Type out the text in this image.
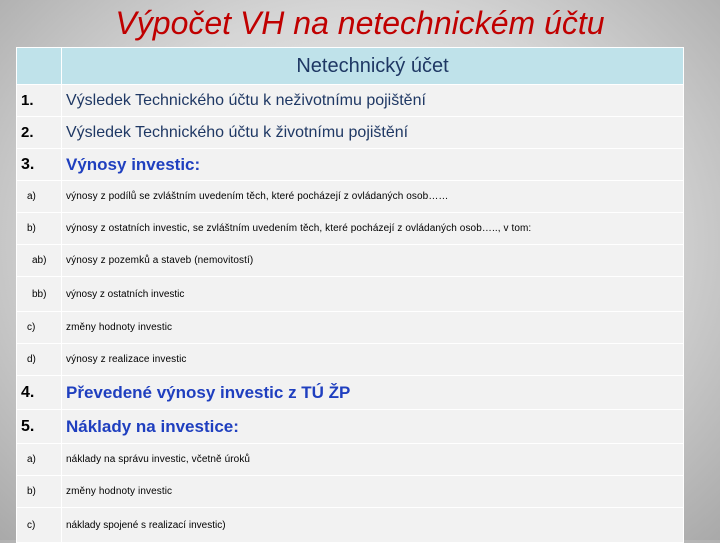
Výpočet VH na netechnickém účtu
	Netechnický účet
1.	Výsledek Technického účtu k neživotnímu pojištění
2.	Výsledek Technického účtu k životnímu pojištění
3.	Výnosy investic:
a)	výnosy z podílů se zvláštním uvedením těch, které pocházejí z ovládaných osob……
b)	výnosy z ostatních investic, se zvláštním uvedením těch, které pocházejí z ovládaných osob….., v tom:
ab)	výnosy z pozemků a staveb (nemovitostí)
bb)	výnosy z ostatních investic
c)	změny hodnoty investic
d)	výnosy z realizace investic
4.	Převedené výnosy investic z TÚ ŽP
5.	Náklady na investice:
a)	náklady na správu investic, včetně úroků
b)	změny hodnoty investic
c)	náklady spojené s realizací investic)
